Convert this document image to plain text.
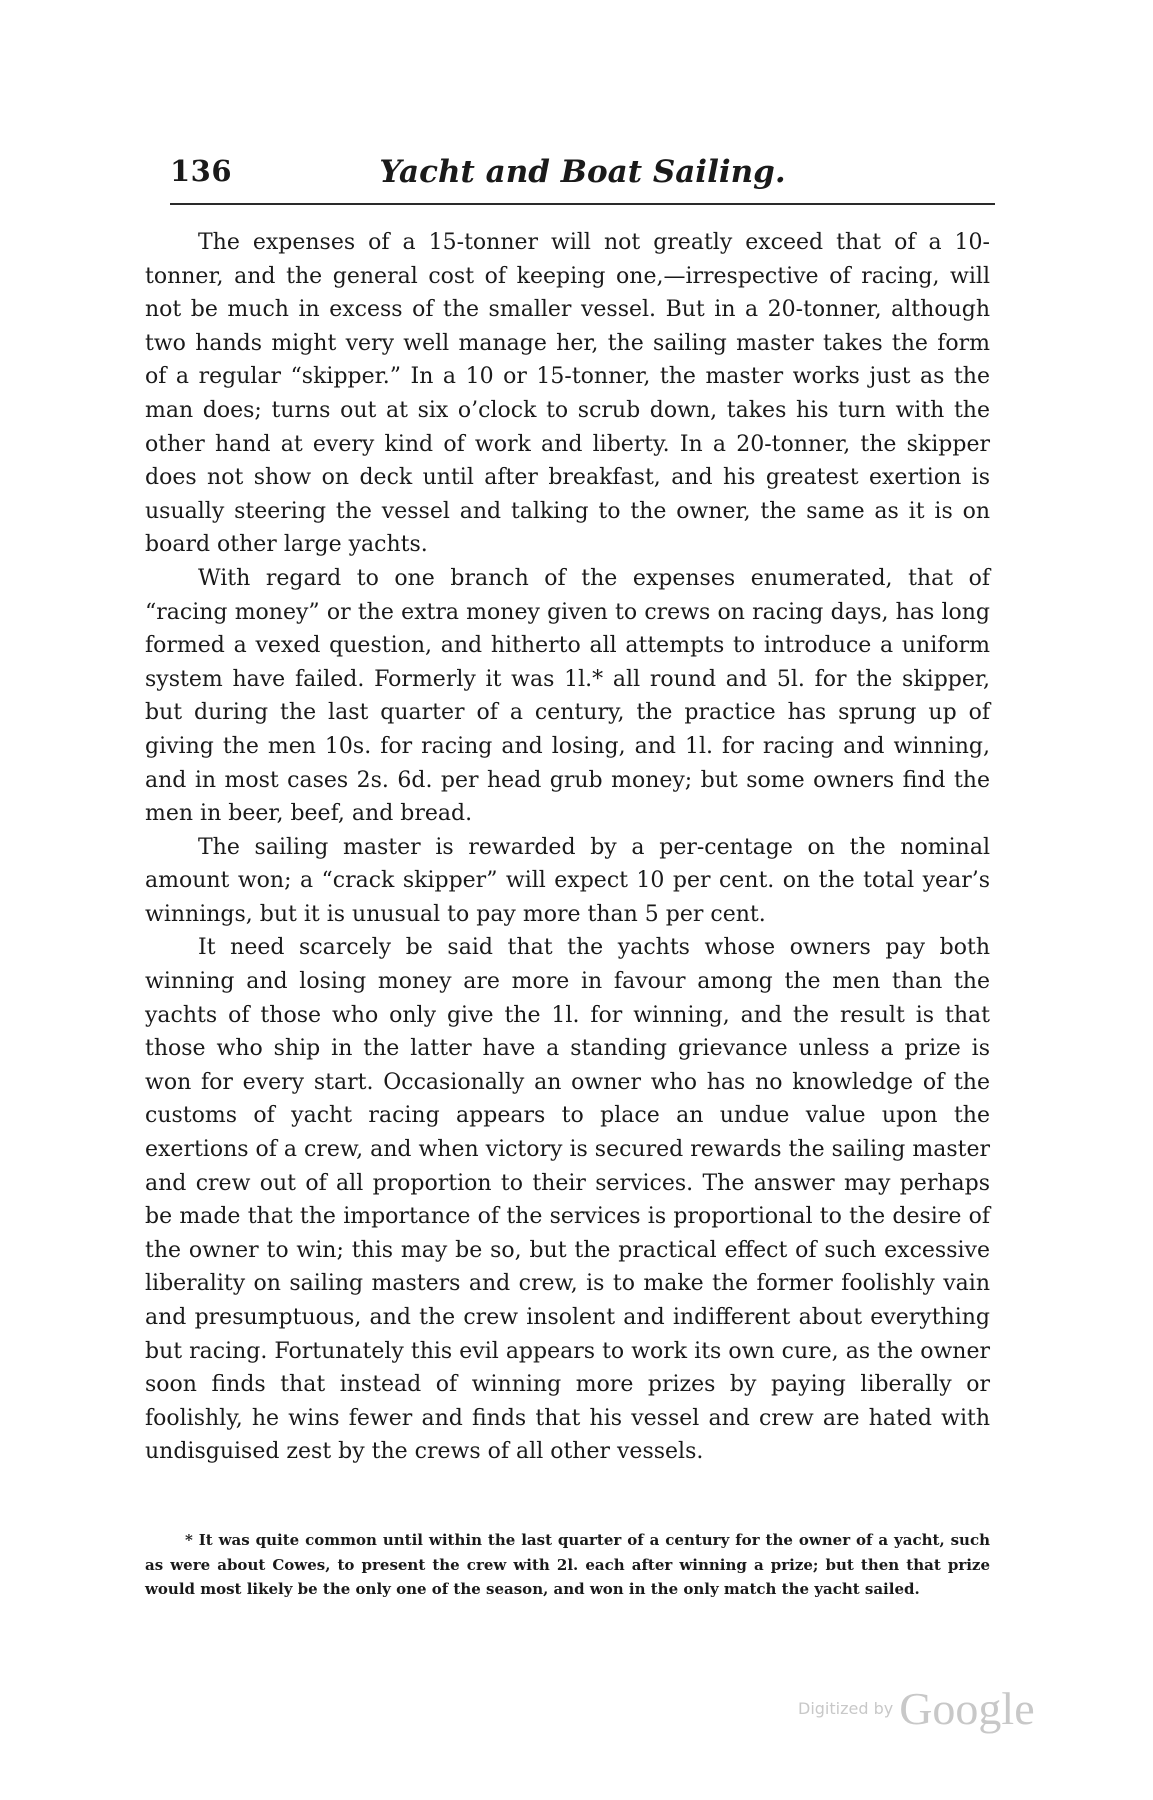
136	Yacht and Boat Sailing.

The expenses of a 15-tonner will not greatly exceed that of a 10-tonner, and the general cost of keeping one,—irrespective of racing, will not be much in excess of the smaller vessel. But in a 20-tonner, although two hands might very well manage her, the sailing master takes the form of a regular “skipper.” In a 10 or 15-tonner, the master works just as the man does; turns out at six o’clock to scrub down, takes his turn with the other hand at every kind of work and liberty. In a 20-tonner, the skipper does not show on deck until after breakfast, and his greatest exertion is usually steering the vessel and talking to the owner, the same as it is on board other large yachts.

With regard to one branch of the expenses enumerated, that of “racing money” or the extra money given to crews on racing days, has long formed a vexed question, and hitherto all attempts to introduce a uniform system have failed. Formerly it was 1l.* all round and 5l. for the skipper, but during the last quarter of a century, the practice has sprung up of giving the men 10s. for racing and losing, and 1l. for racing and winning, and in most cases 2s. 6d. per head grub money; but some owners find the men in beer, beef, and bread.

The sailing master is rewarded by a per-centage on the nominal amount won; a “crack skipper” will expect 10 per cent. on the total year’s winnings, but it is unusual to pay more than 5 per cent.

It need scarcely be said that the yachts whose owners pay both winning and losing money are more in favour among the men than the yachts of those who only give the 1l. for winning, and the result is that those who ship in the latter have a standing grievance unless a prize is won for every start. Occasionally an owner who has no knowledge of the customs of yacht racing appears to place an undue value upon the exertions of a crew, and when victory is secured rewards the sailing master and crew out of all proportion to their services. The answer may perhaps be made that the importance of the services is proportional to the desire of the owner to win; this may be so, but the practical effect of such excessive liberality on sailing masters and crew, is to make the former foolishly vain and presumptuous, and the crew insolent and indifferent about everything but racing. Fortunately this evil appears to work its own cure, as the owner soon finds that instead of winning more prizes by paying liberally or foolishly, he wins fewer and finds that his vessel and crew are hated with undisguised zest by the crews of all other vessels.

* It was quite common until within the last quarter of a century for the owner of a yacht, such as were about Cowes, to present the crew with 2l. each after winning a prize; but then that prize would most likely be the only one of the season, and won in the only match the yacht sailed.

Digitized by Google
